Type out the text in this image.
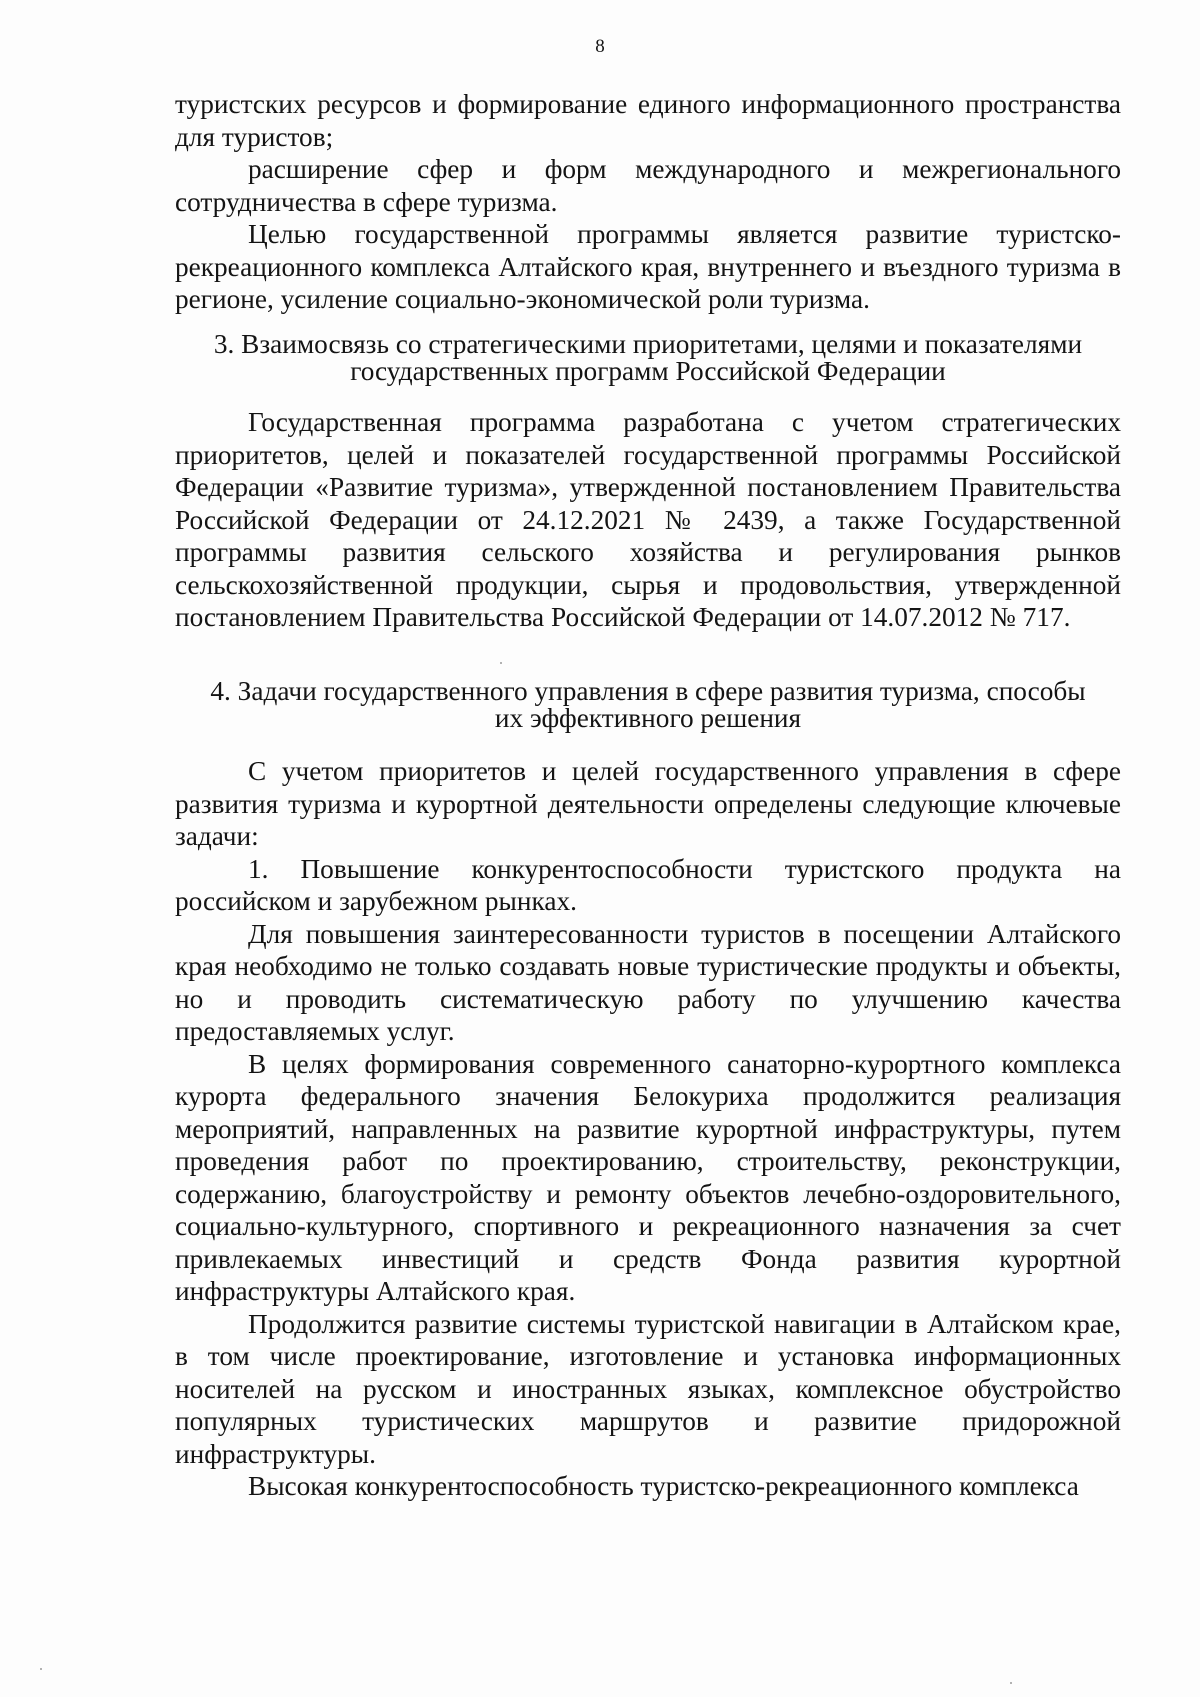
8

туристских ресурсов и формирование единого информационного пространства для туристов;

расширение сфер и форм международного и межрегионального сотрудничества в сфере туризма.

Целью государственной программы является развитие туристско-рекреационного комплекса Алтайского края, внутреннего и въездного туризма в регионе, усиление социально-экономической роли туризма.

3. Взаимосвязь со стратегическими приоритетами, целями и показателями
государственных программ Российской Федерации

Государственная программа разработана с учетом стратегических приоритетов, целей и показателей государственной программы Российской Федерации «Развитие туризма», утвержденной постановлением Правительства Российской Федерации от 24.12.2021 № 2439, а также Государственной программы развития сельского хозяйства и регулирования рынков сельскохозяйственной продукции, сырья и продовольствия, утвержденной постановлением Правительства Российской Федерации от 14.07.2012 № 717.

4. Задачи государственного управления в сфере развития туризма, способы
их эффективного решения

С учетом приоритетов и целей государственного управления в сфере развития туризма и курортной деятельности определены следующие ключевые задачи:

1. Повышение конкурентоспособности туристского продукта на российском и зарубежном рынках.

Для повышения заинтересованности туристов в посещении Алтайского края необходимо не только создавать новые туристические продукты и объекты, но и проводить систематическую работу по улучшению качества предоставляемых услуг.

В целях формирования современного санаторно-курортного комплекса курорта федерального значения Белокуриха продолжится реализация мероприятий, направленных на развитие курортной инфраструктуры, путем проведения работ по проектированию, строительству, реконструкции, содержанию, благоустройству и ремонту объектов лечебно-оздоровительного, социально-культурного, спортивного и рекреационного назначения за счет привлекаемых инвестиций и средств Фонда развития курортной инфраструктуры Алтайского края.

Продолжится развитие системы туристской навигации в Алтайском крае, в том числе проектирование, изготовление и установка информационных носителей на русском и иностранных языках, комплексное обустройство популярных туристических маршрутов и развитие придорожной инфраструктуры.

Высокая конкурентоспособность туристско-рекреационного комплекса
